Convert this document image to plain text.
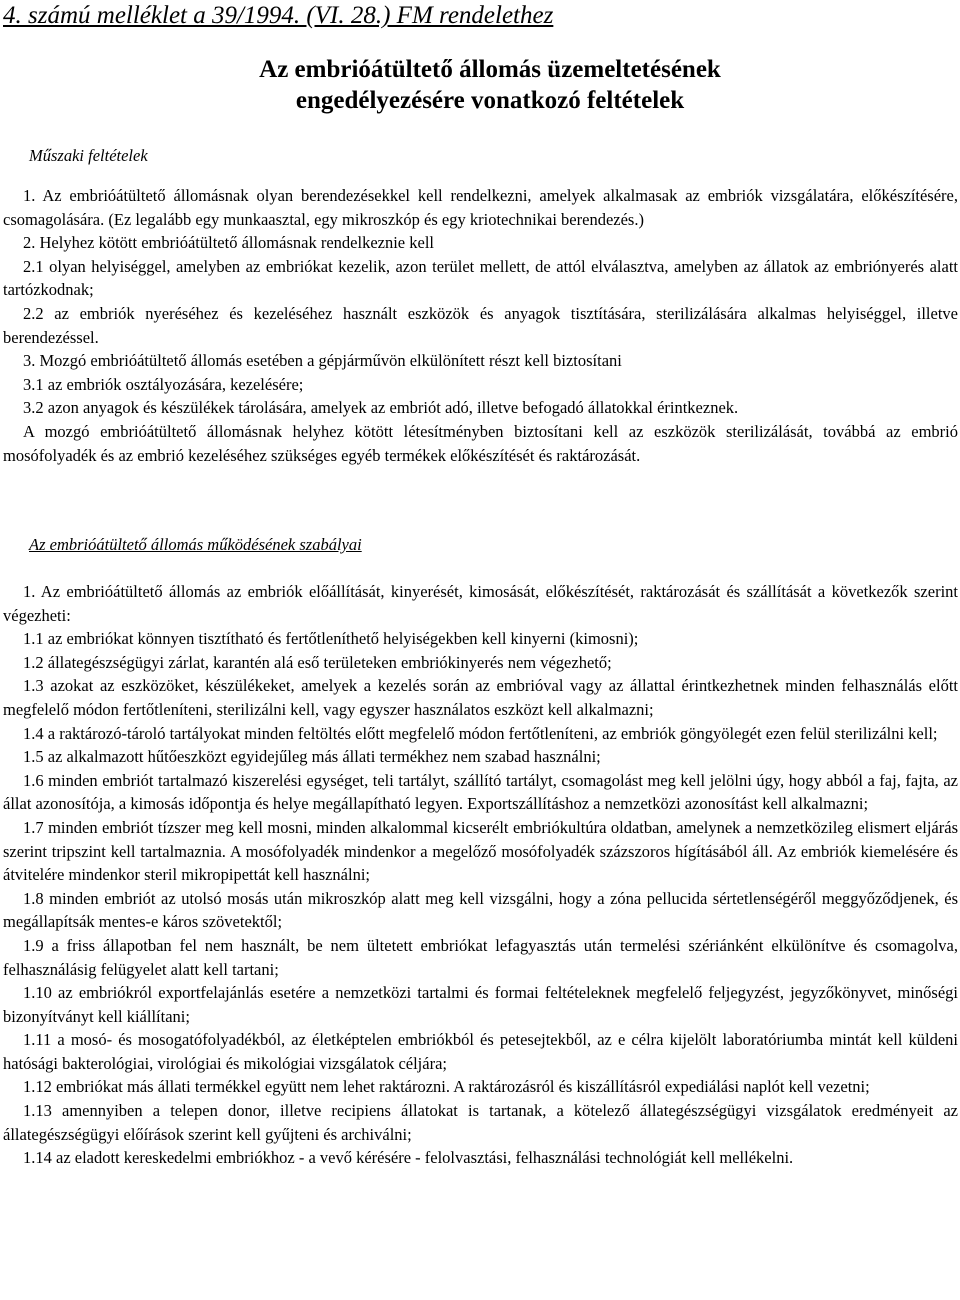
4. számú melléklet a 39/1994. (VI. 28.) FM rendelethez
Az embrióátültető állomás üzemeltetésének
engedélyezésére vonatkozó feltételek
Műszaki feltételek

1. Az embrióátültető állomásnak olyan berendezésekkel kell rendelkezni, amelyek alkalmasak az embriók vizsgálatára, előkészítésére, csomagolására. (Ez legalább egy munkaasztal, egy mikroszkóp és egy kriotechnikai berendezés.)

2. Helyhez kötött embrióátültető állomásnak rendelkeznie kell

2.1 olyan helyiséggel, amelyben az embriókat kezelik, azon terület mellett, de attól elválasztva, amelyben az állatok az embriónyerés alatt tartózkodnak;

2.2 az embriók nyeréséhez és kezeléséhez használt eszközök és anyagok tisztítására, sterilizálására alkalmas helyiséggel, illetve berendezéssel.

3. Mozgó embrióátültető állomás esetében a gépjárművön elkülönített részt kell biztosítani

3.1 az embriók osztályozására, kezelésére;

3.2 azon anyagok és készülékek tárolására, amelyek az embriót adó, illetve befogadó állatokkal érintkeznek.

A mozgó embrióátültető állomásnak helyhez kötött létesítményben biztosítani kell az eszközök sterilizálását, továbbá az embrió mosófolyadék és az embrió kezeléséhez szükséges egyéb termékek előkészítését és raktározását.

Az embrióátültető állomás működésének szabályai

1. Az embrióátültető állomás az embriók előállítását, kinyerését, kimosását, előkészítését, raktározását és szállítását a következők szerint végezheti:

1.1 az embriókat könnyen tisztítható és fertőtleníthető helyiségekben kell kinyerni (kimosni);

1.2 állategészségügyi zárlat, karantén alá eső területeken embriókinyerés nem végezhető;

1.3 azokat az eszközöket, készülékeket, amelyek a kezelés során az embrióval vagy az állattal érintkezhetnek minden felhasználás előtt megfelelő módon fertőtleníteni, sterilizálni kell, vagy egyszer használatos eszközt kell alkalmazni;

1.4 a raktározó-tároló tartályokat minden feltöltés előtt megfelelő módon fertőtleníteni, az embriók göngyölegét ezen felül sterilizálni kell;

1.5 az alkalmazott hűtőeszközt egyidejűleg más állati termékhez nem szabad használni;

1.6 minden embriót tartalmazó kiszerelési egységet, teli tartályt, szállító tartályt, csomagolást meg kell jelölni úgy, hogy abból a faj, fajta, az állat azonosítója, a kimosás időpontja és helye megállapítható legyen. Exportszállításhoz a nemzetközi azonosítást kell alkalmazni;

1.7 minden embriót tízszer meg kell mosni, minden alkalommal kicserélt embriókultúra oldatban, amelynek a nemzetközileg elismert eljárás szerint tripszint kell tartalmaznia. A mosófolyadék mindenkor a megelőző mosófolyadék százszoros hígításából áll. Az embriók kiemelésére és átvitelére mindenkor steril mikropipettát kell használni;

1.8 minden embriót az utolsó mosás után mikroszkóp alatt meg kell vizsgálni, hogy a zóna pellucida sértetlenségéről meggyőződjenek, és megállapítsák mentes-e káros szövetektől;

1.9 a friss állapotban fel nem használt, be nem ültetett embriókat lefagyasztás után termelési szériánként elkülönítve és csomagolva, felhasználásig felügyelet alatt kell tartani;

1.10 az embriókról exportfelajánlás esetére a nemzetközi tartalmi és formai feltételeknek megfelelő feljegyzést, jegyzőkönyvet, minőségi bizonyítványt kell kiállítani;

1.11 a mosó- és mosogatófolyadékból, az életképtelen embriókból és petesejtekből, az e célra kijelölt laboratóriumba mintát kell küldeni hatósági bakterológiai, virológiai és mikológiai vizsgálatok céljára;

1.12 embriókat más állati termékkel együtt nem lehet raktározni. A raktározásról és kiszállításról expediálási naplót kell vezetni;

1.13 amennyiben a telepen donor, illetve recipiens állatokat is tartanak, a kötelező állategészségügyi vizsgálatok eredményeit az állategészségügyi előírások szerint kell gyűjteni és archiválni;

1.14 az eladott kereskedelmi embriókhoz - a vevő kérésére - felolvasztási, felhasználási technológiát kell mellékelni.
